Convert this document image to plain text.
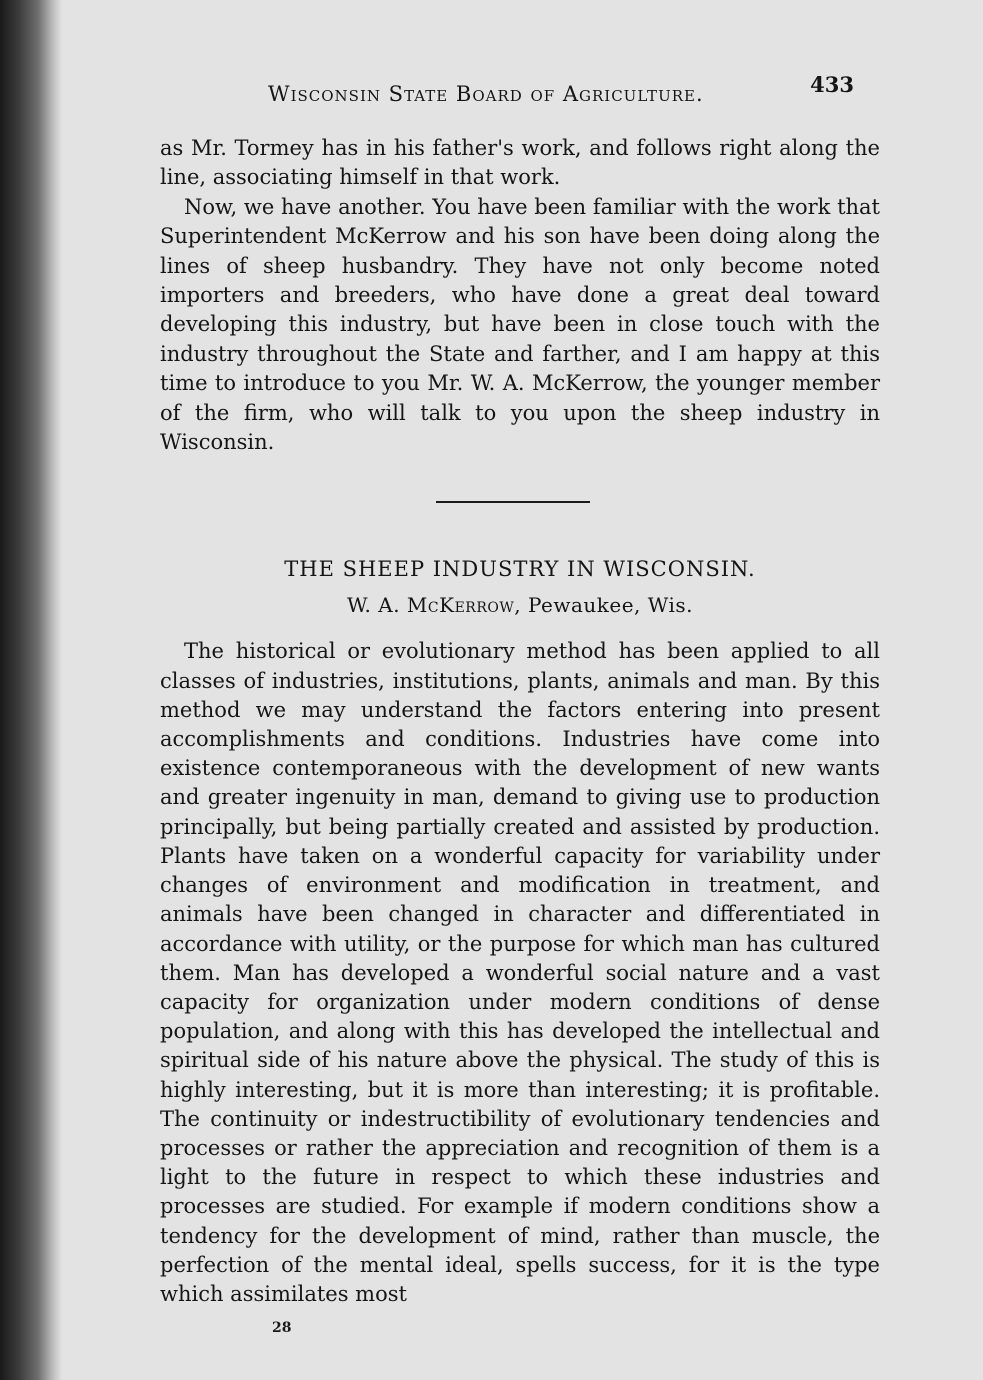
Wisconsin State Board of Agriculture.	433

as Mr. Tormey has in his father's work, and follows right along the line, associating himself in that work.

Now, we have another. You have been familiar with the work that Superintendent McKerrow and his son have been doing along the lines of sheep husbandry. They have not only become noted importers and breeders, who have done a great deal toward developing this industry, but have been in close touch with the industry throughout the State and farther, and I am happy at this time to introduce to you Mr. W. A. McKerrow, the younger member of the firm, who will talk to you upon the sheep industry in Wisconsin.

THE SHEEP INDUSTRY IN WISCONSIN.
W. A. McKerrow, Pewaukee, Wis.

The historical or evolutionary method has been applied to all classes of industries, institutions, plants, animals and man. By this method we may understand the factors entering into present accomplishments and conditions. Industries have come into existence contemporaneous with the development of new wants and greater ingenuity in man, demand to giving use to production principally, but being partially created and assisted by production. Plants have taken on a wonderful capacity for variability under changes of environment and modification in treatment, and animals have been changed in character and differentiated in accordance with utility, or the purpose for which man has cultured them. Man has developed a wonderful social nature and a vast capacity for organization under modern conditions of dense population, and along with this has developed the intellectual and spiritual side of his nature above the physical. The study of this is highly interesting, but it is more than interesting; it is profitable. The continuity or indestructibility of evolutionary tendencies and processes or rather the appreciation and recognition of them is a light to the future in respect to which these industries and processes are studied. For example if modern conditions show a tendency for the development of mind, rather than muscle, the perfection of the mental ideal, spells success, for it is the type which assimilates most

28
